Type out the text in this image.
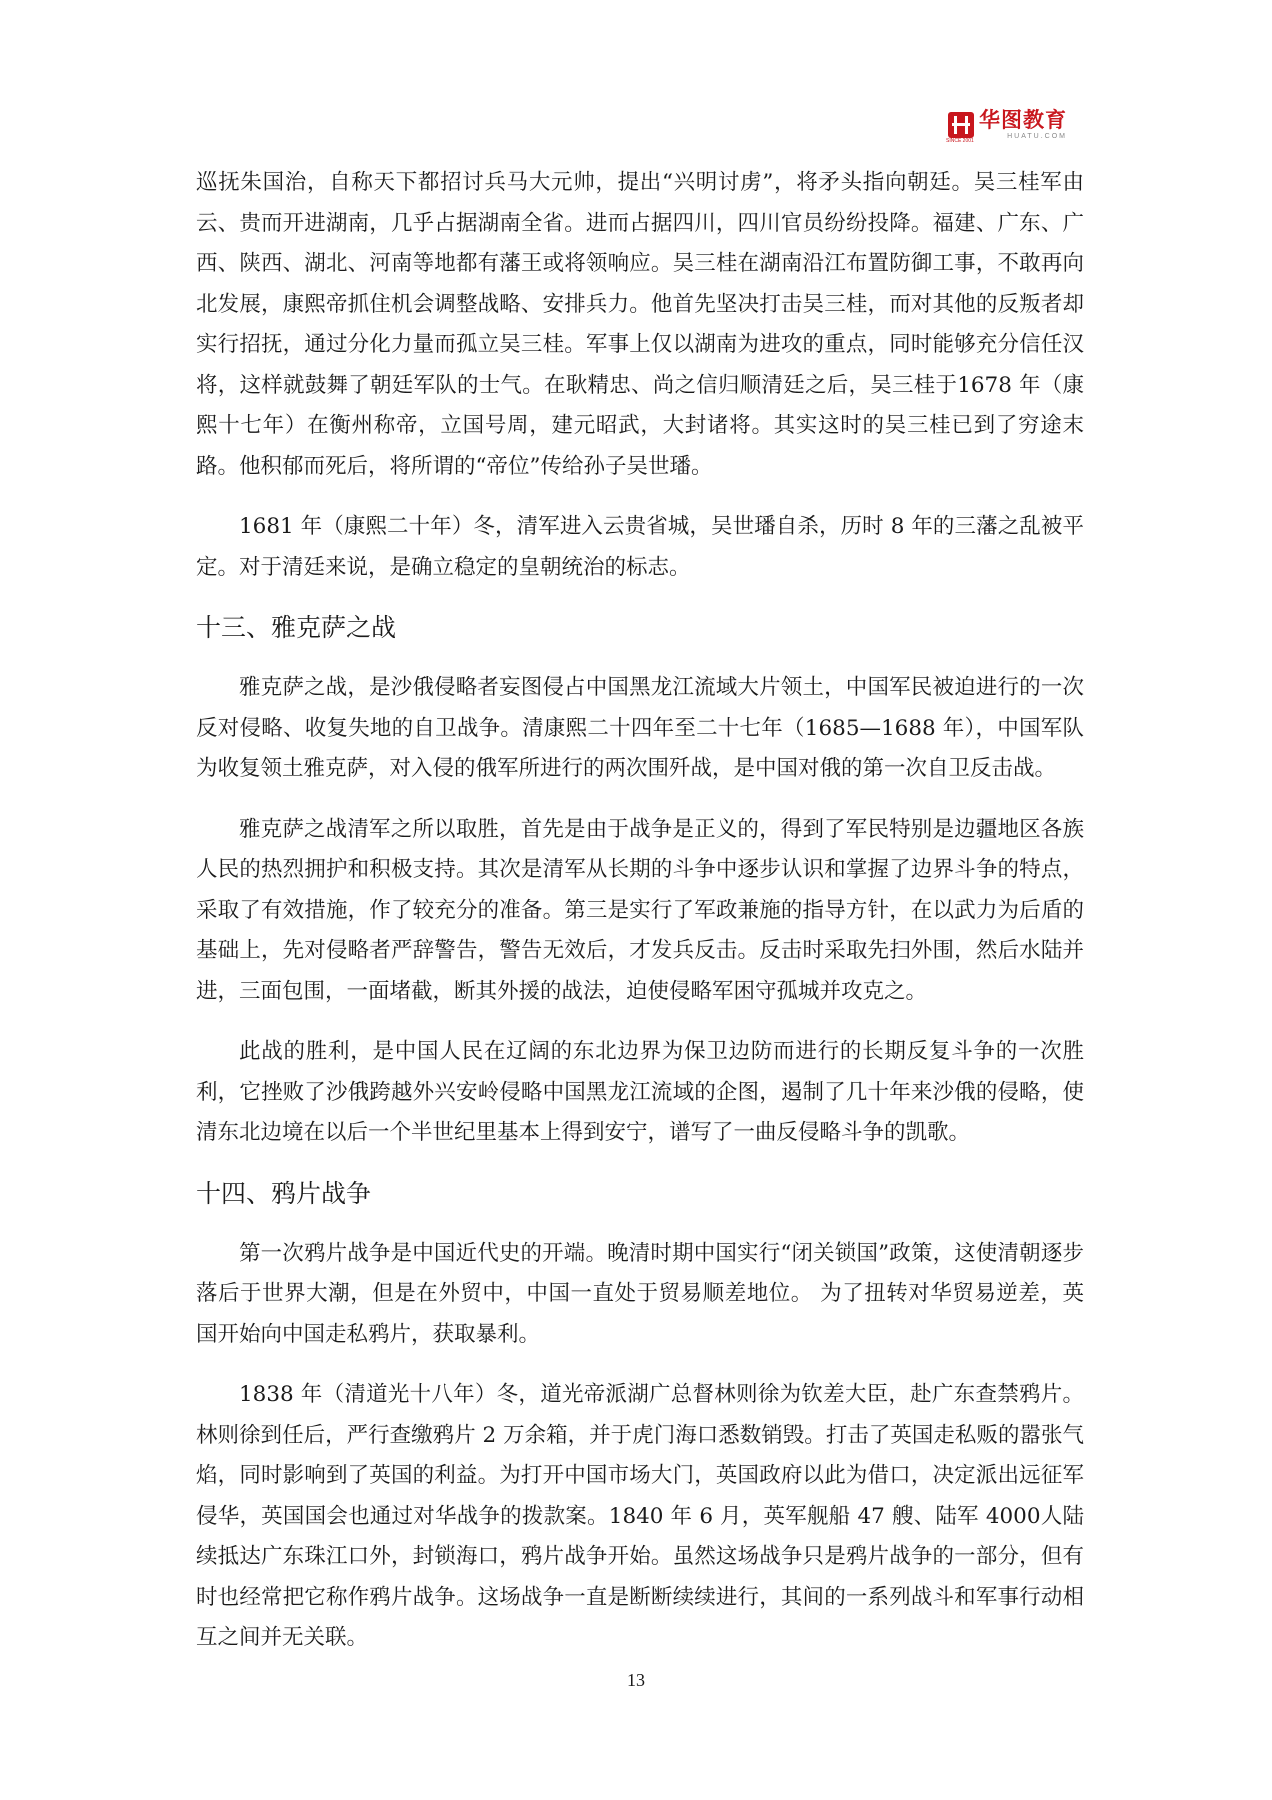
华图教育
HUATU.COM
SINCE 2001

巡抚朱国治，自称天下都招讨兵马大元帅，提出“兴明讨虏”，将矛头指向朝廷。吴三桂军由云、贵而开进湖南，几乎占据湖南全省。进而占据四川，四川官员纷纷投降。福建、广东、广西、陕西、湖北、河南等地都有藩王或将领响应。吴三桂在湖南沿江布置防御工事，不敢再向北发展，康熙帝抓住机会调整战略、安排兵力。他首先坚决打击吴三桂，而对其他的反叛者却实行招抚，通过分化力量而孤立吴三桂。军事上仅以湖南为进攻的重点，同时能够充分信任汉将，这样就鼓舞了朝廷军队的士气。在耿精忠、尚之信归顺清廷之后，吴三桂于1678 年（康熙十七年）在衡州称帝，立国号周，建元昭武，大封诸将。其实这时的吴三桂已到了穷途末路。他积郁而死后，将所谓的“帝位”传给孙子吴世璠。

1681 年（康熙二十年）冬，清军进入云贵省城，吴世璠自杀，历时 8 年的三藩之乱被平定。对于清廷来说，是确立稳定的皇朝统治的标志。

十三、雅克萨之战

雅克萨之战，是沙俄侵略者妄图侵占中国黑龙江流域大片领土，中国军民被迫进行的一次反对侵略、收复失地的自卫战争。清康熙二十四年至二十七年（1685—1688 年），中国军队为收复领土雅克萨，对入侵的俄军所进行的两次围歼战，是中国对俄的第一次自卫反击战。

雅克萨之战清军之所以取胜，首先是由于战争是正义的，得到了军民特别是边疆地区各族人民的热烈拥护和积极支持。其次是清军从长期的斗争中逐步认识和掌握了边界斗争的特点，采取了有效措施，作了较充分的准备。第三是实行了军政兼施的指导方针，在以武力为后盾的基础上，先对侵略者严辞警告，警告无效后，才发兵反击。反击时采取先扫外围，然后水陆并进，三面包围，一面堵截，断其外援的战法，迫使侵略军困守孤城并攻克之。

此战的胜利，是中国人民在辽阔的东北边界为保卫边防而进行的长期反复斗争的一次胜利，它挫败了沙俄跨越外兴安岭侵略中国黑龙江流域的企图，遏制了几十年来沙俄的侵略，使清东北边境在以后一个半世纪里基本上得到安宁，谱写了一曲反侵略斗争的凯歌。

十四、鸦片战争

第一次鸦片战争是中国近代史的开端。晚清时期中国实行“闭关锁国”政策，这使清朝逐步落后于世界大潮，但是在外贸中，中国一直处于贸易顺差地位。 为了扭转对华贸易逆差，英国开始向中国走私鸦片，获取暴利。

1838 年（清道光十八年）冬，道光帝派湖广总督林则徐为钦差大臣，赴广东查禁鸦片。林则徐到任后，严行查缴鸦片 2 万余箱，并于虎门海口悉数销毁。打击了英国走私贩的嚣张气焰，同时影响到了英国的利益。为打开中国市场大门，英国政府以此为借口，决定派出远征军侵华，英国国会也通过对华战争的拨款案。1840 年 6 月，英军舰船 47 艘、陆军 4000人陆续抵达广东珠江口外，封锁海口，鸦片战争开始。虽然这场战争只是鸦片战争的一部分，但有时也经常把它称作鸦片战争。这场战争一直是断断续续进行，其间的一系列战斗和军事行动相互之间并无关联。

13
